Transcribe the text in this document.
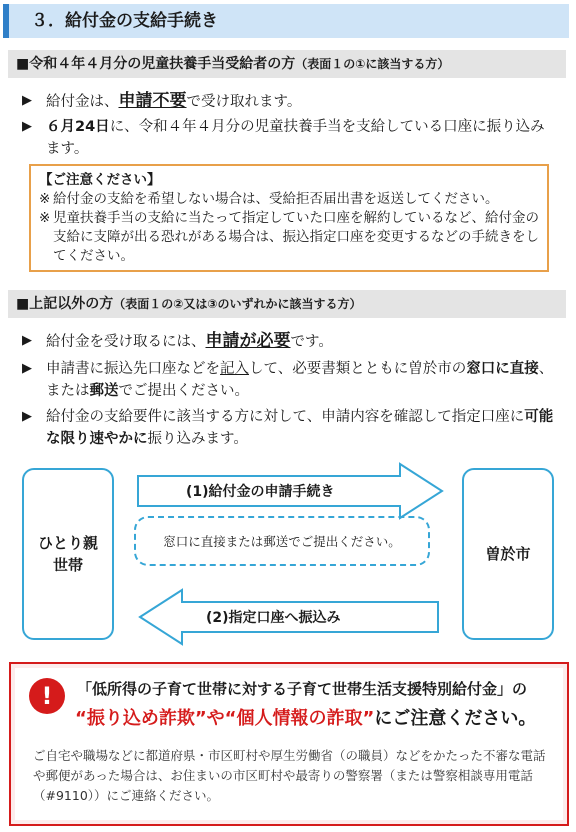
３．給付金の支給手続き
■令和４年４月分の児童扶養手当受給者の方（表面１の①に該当する方）
▶ 給付金は、申請不要で受け取れます。
▶ ６月24日に、令和４年４月分の児童扶養手当を支給している口座に振り込みます。
【ご注意ください】
※ 給付金の支給を希望しない場合は、受給拒否届出書を返送してください。
※ 児童扶養手当の支給に当たって指定していた口座を解約しているなど、給付金の支給に支障が出る恐れがある場合は、振込指定口座を変更するなどの手続きをしてください。
■上記以外の方（表面１の②又は③のいずれかに該当する方）
▶ 給付金を受け取るには、申請が必要です。
▶ 申請書に振込先口座などを記入して、必要書類とともに曽於市の窓口に直接、または郵送でご提出ください。
▶ 給付金の支給要件に該当する方に対して、申請内容を確認して指定口座に可能な限り速やかに振り込みます。
ひとり親
世帯
曽於市
(1)給付金の申請手続き
窓口に直接または郵送でご提出ください。
(2)指定口座へ振込み
!	「低所得の子育て世帯に対する子育て世帯生活支援特別給付金」の
“振り込め詐欺”や“個人情報の詐取”にご注意ください。
ご自宅や職場などに都道府県・市区町村や厚生労働省（の職員）などをかたった不審な電話や郵便があった場合は、お住まいの市区町村や最寄りの警察署（または警察相談専用電話（#9110））にご連絡ください。
